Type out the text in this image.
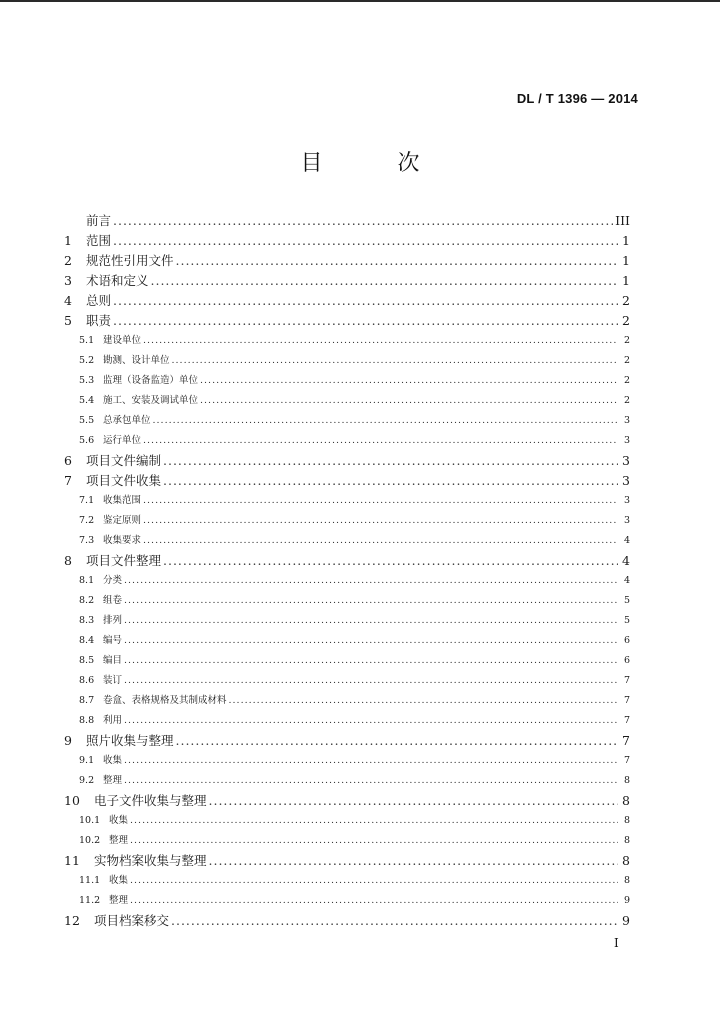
DL / T 1396 — 2014
目 次
前言 .....	III
1	范围 .....	1
2	规范性引用文件 .....	1
3	术语和定义 .....	1
4	总则 .....	2
5	职责 .....	2
5.1 建设单位 .....	2
5.2 勘测、设计单位 .....	2
5.3 监理（设备监造）单位 .....	2
5.4 施工、安装及调试单位 .....	2
5.5 总承包单位 .....	3
5.6 运行单位 .....	3
6	项目文件编制 .....	3
7	项目文件收集 .....	3
7.1 收集范围 .....	3
7.2 鉴定原则 .....	3
7.3 收集要求 .....	4
8	项目文件整理 .....	4
8.1 分类 .....	4
8.2 组卷 .....	5
8.3 排列 .....	5
8.4 编号 .....	6
8.5 编目 .....	6
8.6 装订 .....	7
8.7 卷盒、表格规格及其制成材料 .....	7
8.8 利用 .....	7
9	照片收集与整理 .....	7
9.1 收集 .....	7
9.2 整理 .....	8
10	电子文件收集与整理 .....	8
10.1 收集 .....	8
10.2 整理 .....	8
11	实物档案收集与整理 .....	8
11.1 收集 .....	8
11.2 整理 .....	9
12	项目档案移交 .....	9
I
